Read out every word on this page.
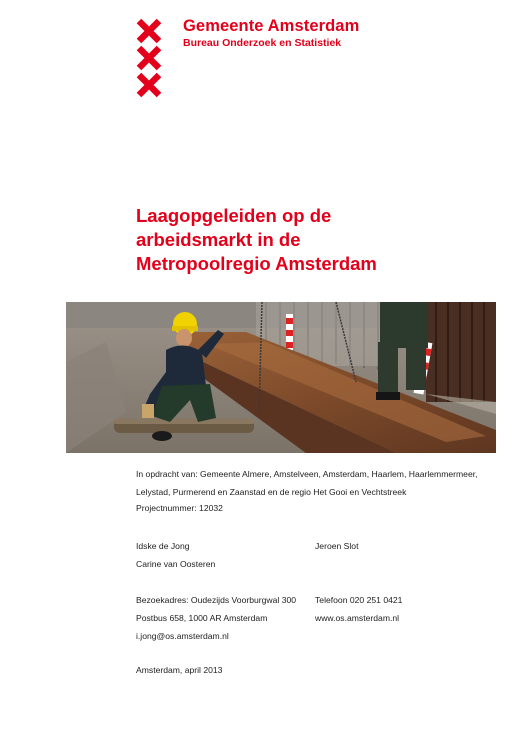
Gemeente Amsterdam
Bureau Onderzoek en Statistiek
Laagopgeleiden op de
arbeidsmarkt in de
Metropoolregio Amsterdam
In opdracht van: Gemeente Almere, Amstelveen, Amsterdam, Haarlem, Haarlemmermeer, Lelystad, Purmerend en Zaanstad en de regio Het Gooi en Vechtstreek
Projectnummer: 12032
Idske de Jong	Jeroen Slot
Carine van Oosteren
Bezoekadres: Oudezijds Voorburgwal 300 Telefoon 020 251 0421
Postbus 658, 1000 AR Amsterdam	www.os.amsterdam.nl
i.jong@os.amsterdam.nl
Amsterdam, april 2013
